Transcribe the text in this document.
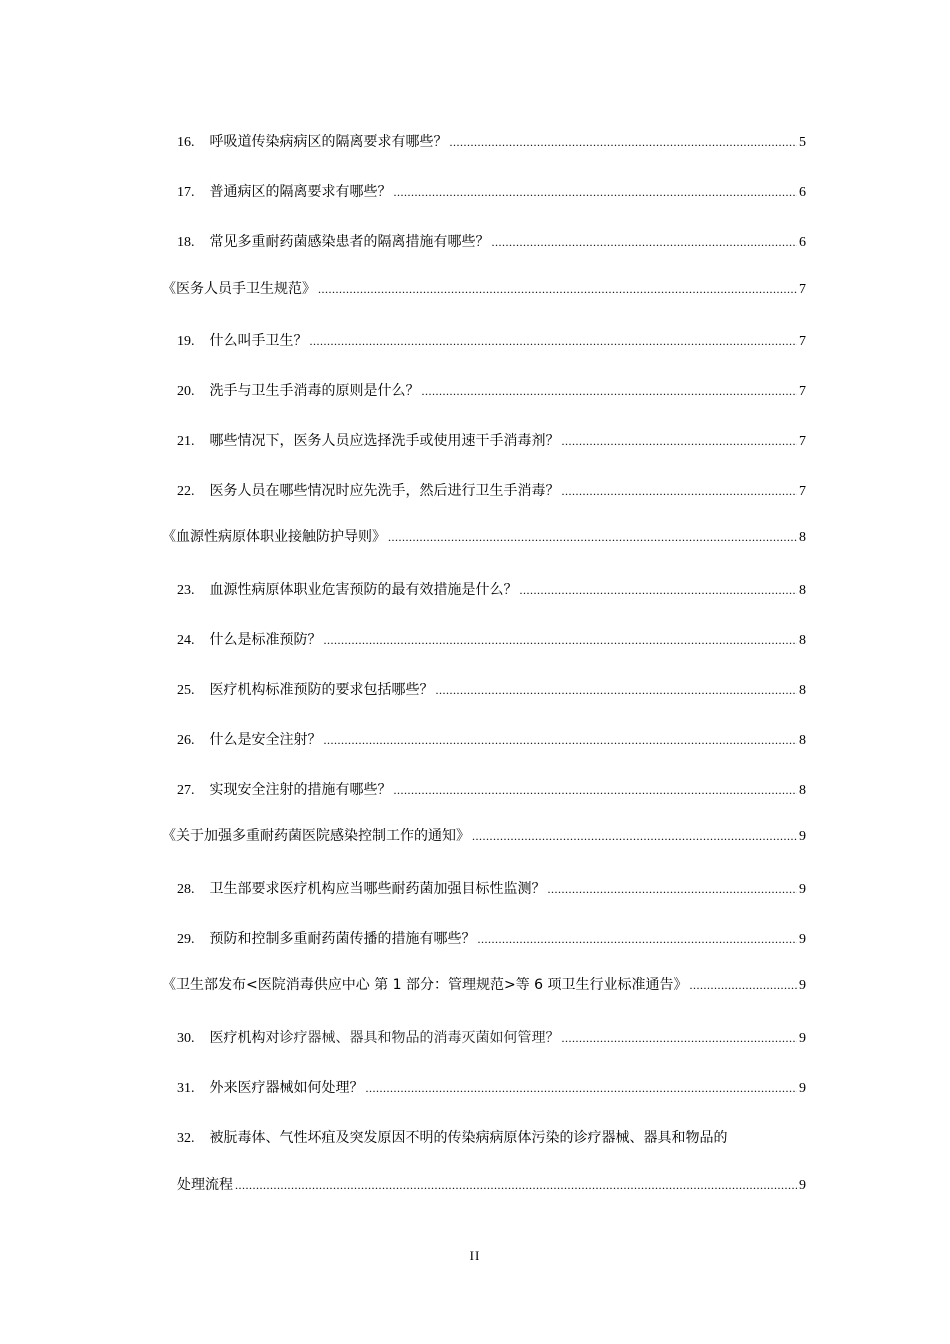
16. 呼吸道传染病病区的隔离要求有哪些？ .....	5
17. 普通病区的隔离要求有哪些？ .....	6
18. 常见多重耐药菌感染患者的隔离措施有哪些？ .....	6
《医务人员手卫生规范》 .....	7
19. 什么叫手卫生？ .....	7
20. 洗手与卫生手消毒的原则是什么？ .....	7
21. 哪些情况下，医务人员应选择洗手或使用速干手消毒剂？ .....	7
22. 医务人员在哪些情况时应先洗手，然后进行卫生手消毒？ .....	7
《血源性病原体职业接触防护导则》 .....	8
23. 血源性病原体职业危害预防的最有效措施是什么？ .....	8
24. 什么是标准预防？ .....	8
25. 医疗机构标准预防的要求包括哪些？ .....	8
26. 什么是安全注射？ .....	8
27. 实现安全注射的措施有哪些？ .....	8
《关于加强多重耐药菌医院感染控制工作的通知》 .....	9
28. 卫生部要求医疗机构应当哪些耐药菌加强目标性监测？ .....	9
29. 预防和控制多重耐药菌传播的措施有哪些？ .....	9
《卫生部发布<医院消毒供应中心 第 1 部分：管理规范>等 6 项卫生行业标准通告》 .....	9
30. 医疗机构对诊疗器械、器具和物品的消毒灭菌如何管理？ .....	9
31. 外来医疗器械如何处理？ .....	9
32. 被朊毒体、气性坏疽及突发原因不明的传染病病原体污染的诊疗器械、器具和物品的
处理流程 .....	9
II
